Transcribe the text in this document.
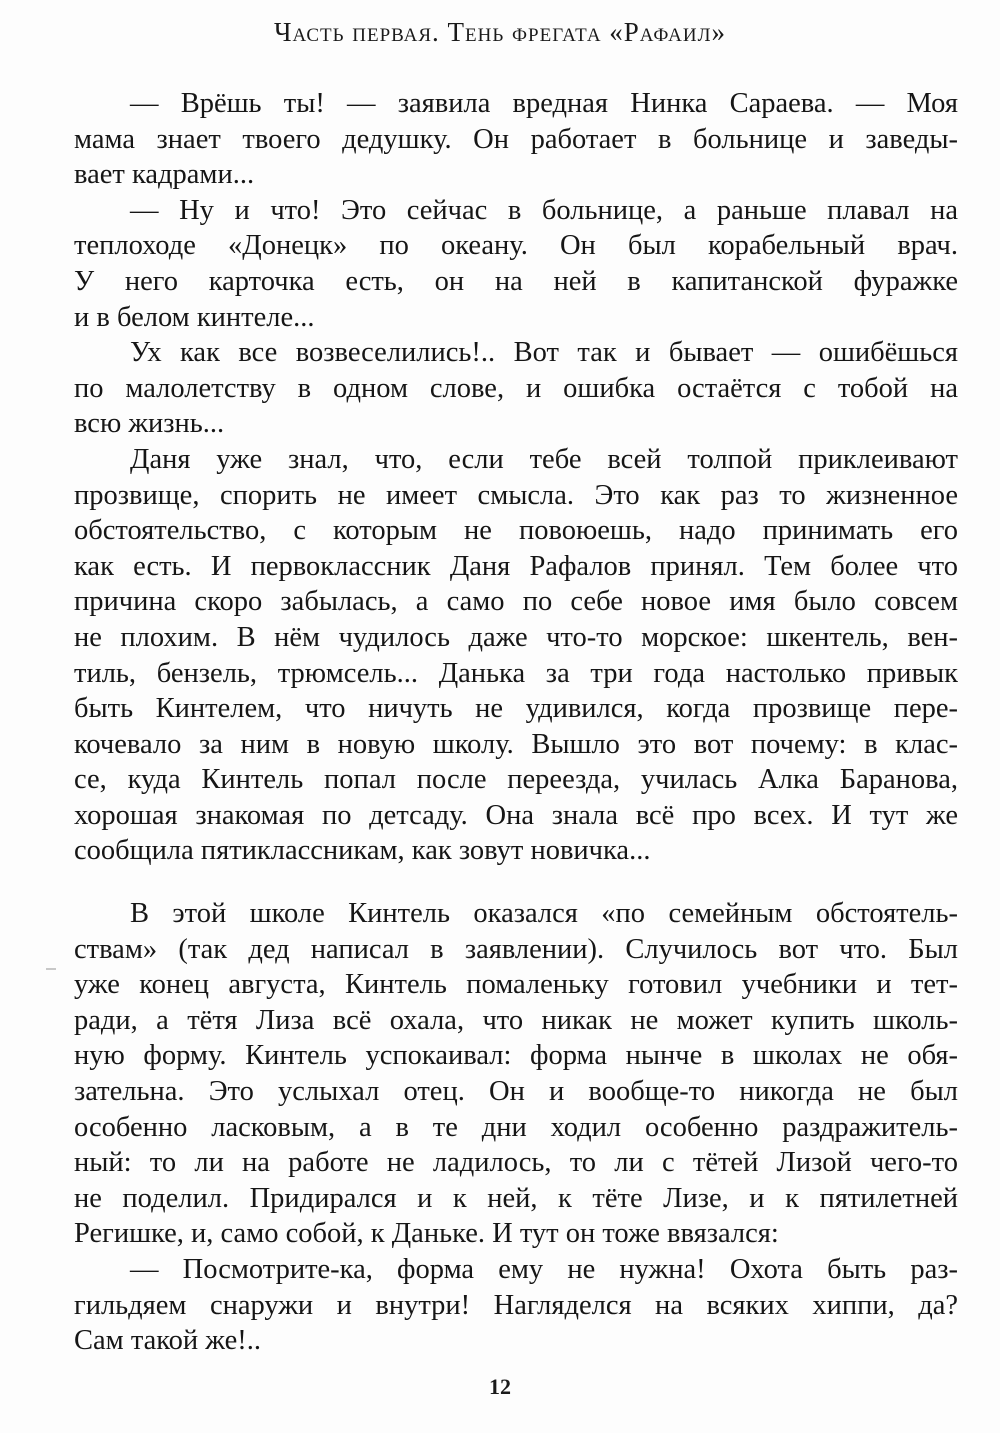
Часть первая. Тень фрегата «Рафаил»
— Врёшь ты! — заявила вредная Нинка Сараева. — Моя
мама знает твоего дедушку. Он работает в больнице и заведы-
вает кадрами...
— Ну и что! Это сейчас в больнице, а раньше плавал на
теплоходе «Донецк» по океану. Он был корабельный врач.
У него карточка есть, он на ней в капитанской фуражке
и в белом кинтеле...
Ух как все возвеселились!.. Вот так и бывает — ошибёшься
по малолетству в одном слове, и ошибка остаётся с тобой на
всю жизнь...
Даня уже знал, что, если тебе всей толпой приклеивают
прозвище, спорить не имеет смысла. Это как раз то жизненное
обстоятельство, с которым не повоюешь, надо принимать его
как есть. И первоклассник Даня Рафалов принял. Тем более что
причина скоро забылась, а само по себе новое имя было совсем
не плохим. В нём чудилось даже что-то морское: шкентель, вен-
тиль, бензель, трюмсель... Данька за три года настолько привык
быть Кинтелем, что ничуть не удивился, когда прозвище пере-
кочевало за ним в новую школу. Вышло это вот почему: в клас-
се, куда Кинтель попал после переезда, училась Алка Баранова,
хорошая знакомая по детсаду. Она знала всё про всех. И тут же
сообщила пятиклассникам, как зовут новичка...
В этой школе Кинтель оказался «по семейным обстоятель-
ствам» (так дед написал в заявлении). Случилось вот что. Был
уже конец августа, Кинтель помаленьку готовил учебники и тет-
ради, а тётя Лиза всё охала, что никак не может купить школь-
ную форму. Кинтель успокаивал: форма нынче в школах не обя-
зательна. Это услыхал отец. Он и вообще-то никогда не был
особенно ласковым, а в те дни ходил особенно раздражитель-
ный: то ли на работе не ладилось, то ли с тётей Лизой чего-то
не поделил. Придирался и к ней, к тёте Лизе, и к пятилетней
Регишке, и, само собой, к Даньке. И тут он тоже ввязался:
— Посмотрите-ка, форма ему не нужна! Охота быть раз-
гильдяем снаружи и внутри! Нагляделся на всяких хиппи, да?
Сам такой же!..
12
